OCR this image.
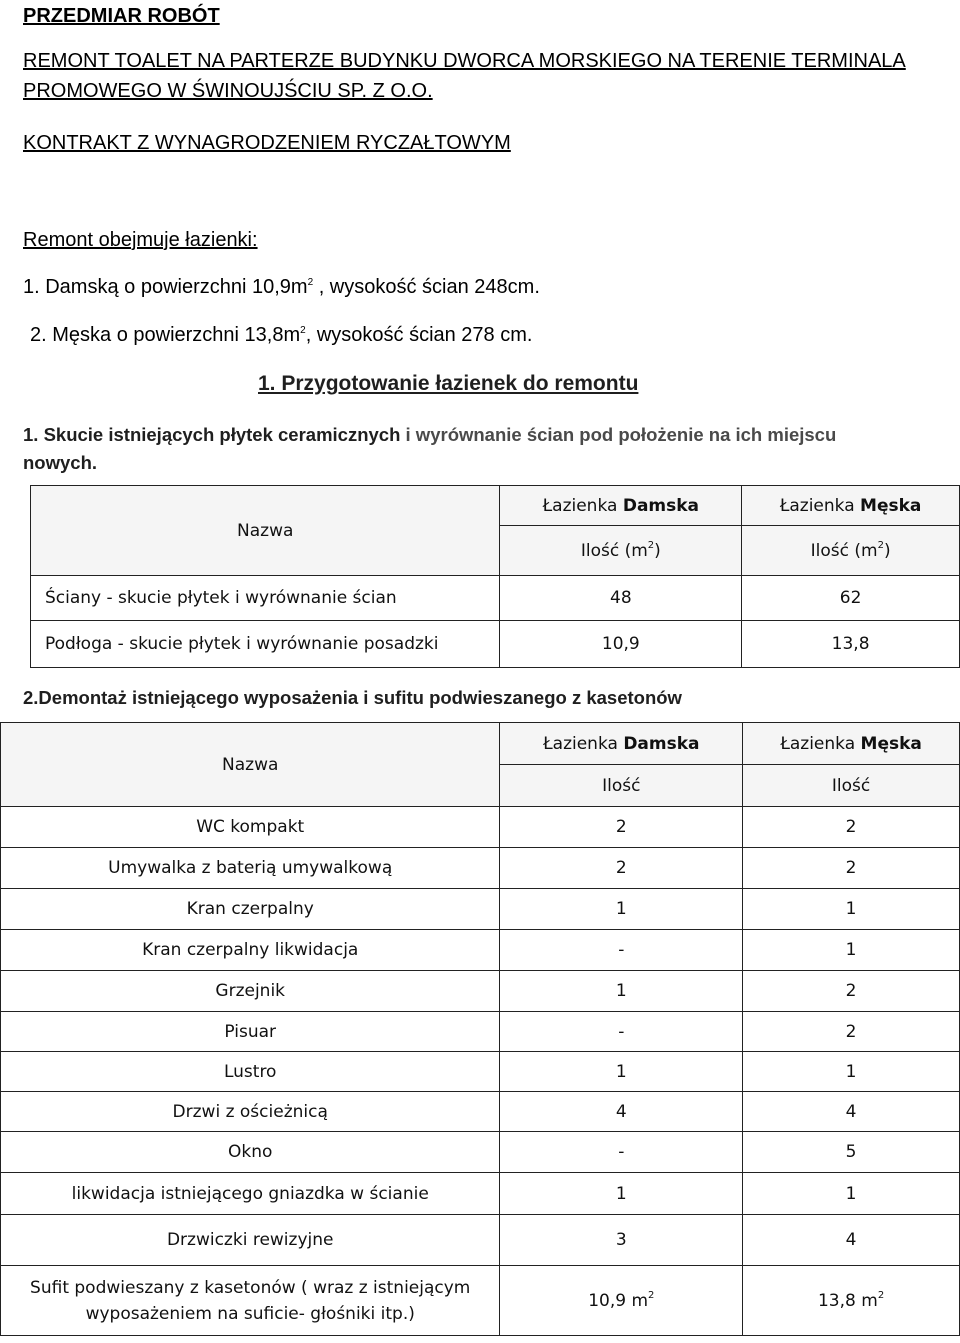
PRZEDMIAR ROBÓT
REMONT TOALET NA PARTERZE BUDYNKU DWORCA MORSKIEGO NA TERENIE TERMINALA
PROMOWEGO W ŚWINOUJŚCIU SP. Z O.O.
KONTRAKT Z WYNAGRODZENIEM RYCZAŁTOWYM
Remont obejmuje łazienki:
1. Damską o powierzchni $10,9m^2$ , wysokość ścian 248cm.
2. Męska o powierzchni $13,8m^2$, wysokość ścian 278 cm.
1. Przygotowanie łazienek do remontu
1. Skucie istniejących płytek ceramicznych i wyrównanie ścian pod położenie na ich miejscu
nowych.
Nazwa	Łazienka Damska	Łazienka Męska
	Ilość $(m^2)$	Ilość $(m^2)$
Ściany - skucie płytek i wyrównanie ścian	48	62
Podłoga - skucie płytek i wyrównanie posadzki	10,9	13,8
2.Demontaż istniejącego wyposażenia i sufitu podwieszanego z kasetonów
Nazwa	Łazienka Damska	Łazienka Męska
	Ilość	Ilość
WC kompakt	2	2
Umywalka z baterią umywalkową	2	2
Kran czerpalny	1	1
Kran czerpalny likwidacja	-	1
Grzejnik	1	2
Pisuar	-	2
Lustro	1	1
Drzwi z ościeżnicą	4	4
Okno	-	5
likwidacja istniejącego gniazdka w ścianie	1	1
Drzwiczki rewizyjne	3	4
Sufit podwieszany z kasetonów ( wraz z istniejącym
wyposażeniem na suficie- głośniki itp.)	10,9 $m^2$	13,8 $m^2$
